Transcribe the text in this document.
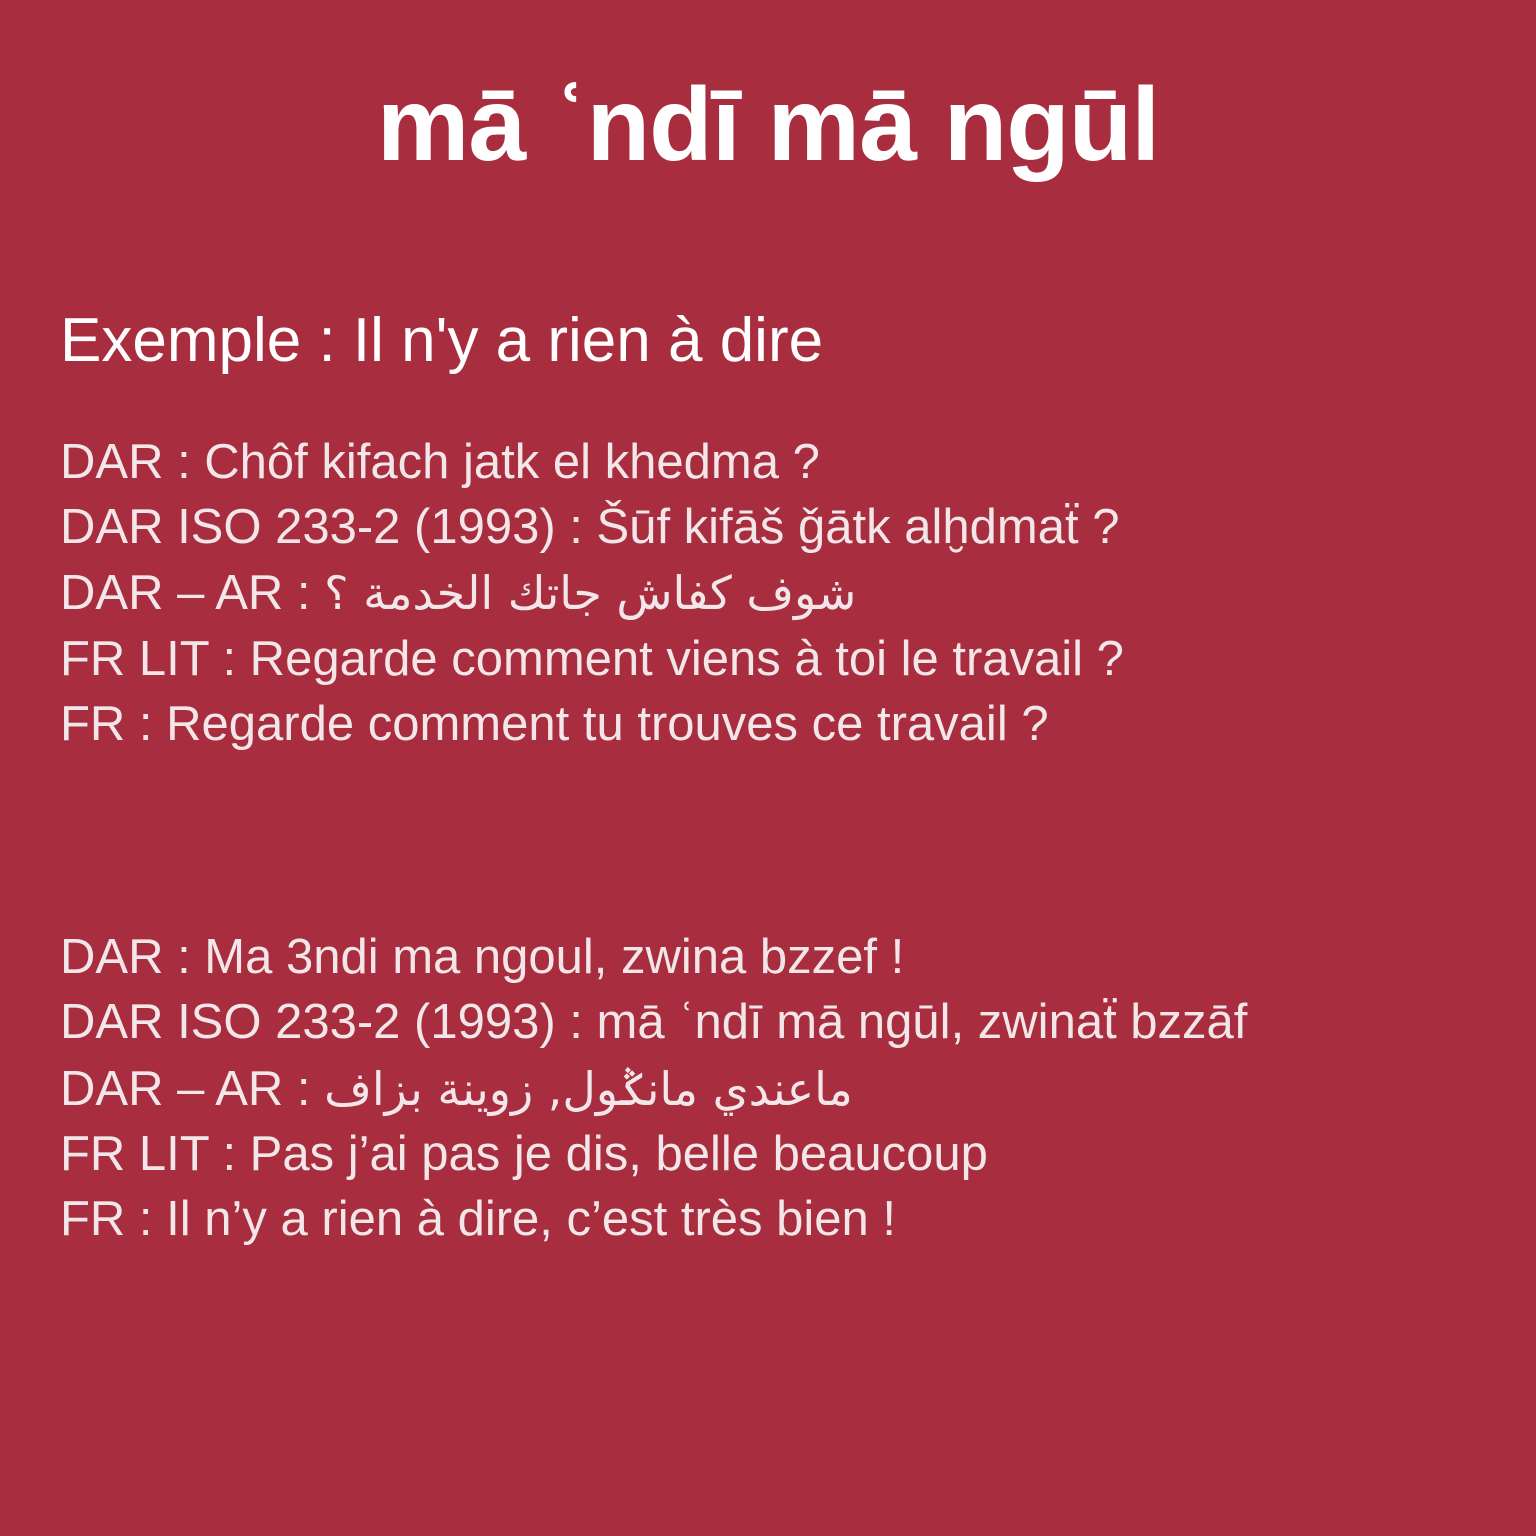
mā ʿndī mā ngūl
Exemple : Il n'y a rien à dire
DAR : Chôf kifach jatk el khedma ?
DAR ISO 233-2 (1993) : Šūf kifāš ǧātk alḫdmaẗ ?
DAR – AR : شوف كفاش جاتك الخدمة ؟
FR LIT : Regarde comment viens à toi le travail ?
FR : Regarde comment tu trouves ce travail ?
DAR : Ma 3ndi ma ngoul, zwina bzzef !
DAR ISO 233-2 (1993) : mā ʿndī mā ngūl, zwinaẗ bzzāf
DAR – AR : ماعندي مانݣول, زوينة بزاف
FR LIT : Pas j’ai pas je dis, belle beaucoup
FR : Il n’y a rien à dire, c’est très bien !
